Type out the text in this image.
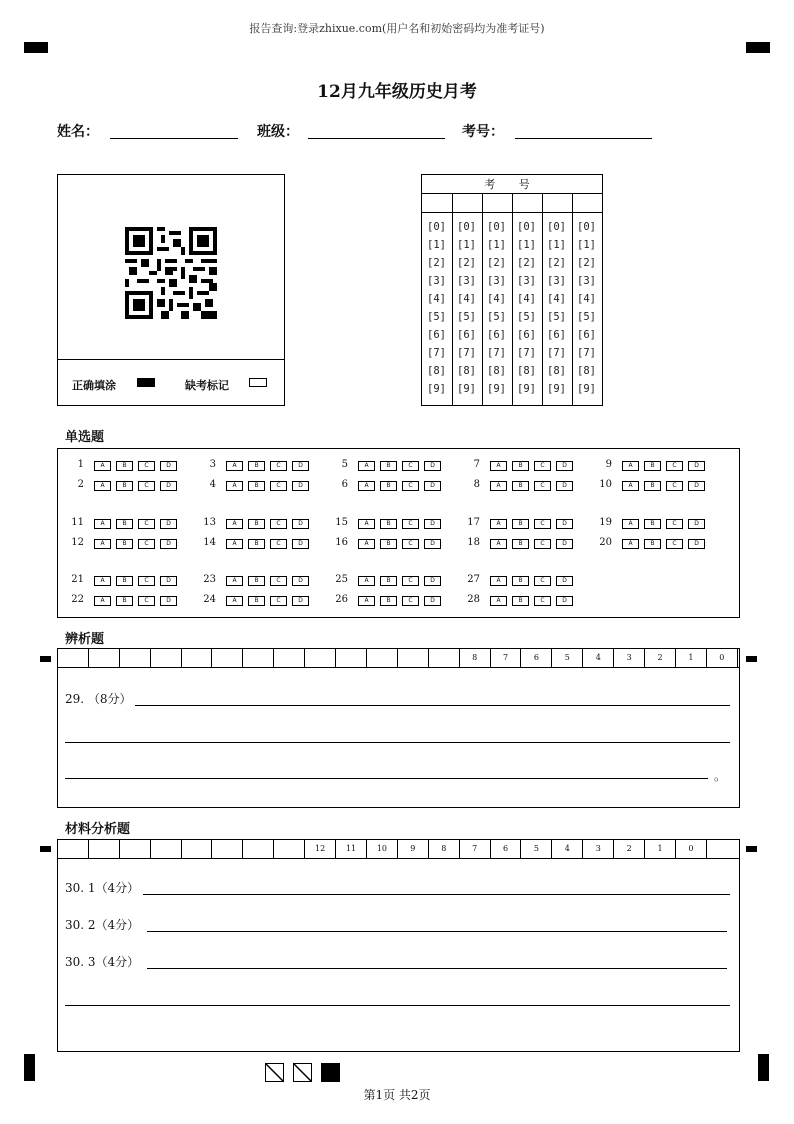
报告查询:登录zhixue.com(用户名和初始密码均为准考证号)
12月九年级历史月考
姓名：	班级：	考号：
正确填涂	缺考标记
考 号
[0] [0] [0] [0] [0] [0]
[1] [1] [1] [1] [1] [1]
[2] [2] [2] [2] [2] [2]
[3] [3] [3] [3] [3] [3]
[4] [4] [4] [4] [4] [4]
[5] [5] [5] [5] [5] [5]
[6] [6] [6] [6] [6] [6]
[7] [7] [7] [7] [7] [7]
[8] [8] [8] [8] [8] [8]
[9] [9] [9] [9] [9] [9]
单选题
1	A	B	C	D	3	A	B	C	D	5	A	B	C	D	7	A	B	C	D	9	A	B	C	D
2	A	B	C	D	4	A	B	C	D	6	A	B	C	D	8	A	B	C	D	10	A	B	C	D
11	A	B	C	D	13	A	B	C	D	15	A	B	C	D	17	A	B	C	D	19	A	B	C	D
12	A	B	C	D	14	A	B	C	D	16	A	B	C	D	18	A	B	C	D	20	A	B	C	D
21	A	B	C	D	23	A	B	C	D	25	A	B	C	D	27	A	B	C	D
22	A	B	C	D	24	A	B	C	D	26	A	B	C	D	28	A	B	C	D
辨析题
8	7	6	5	4	3	2	1	0
29. （8分）
。
材料分析题
12	11	10	9	8	7	6	5	4	3	2	1	0
30. 1（4分）
30. 2（4分）
30. 3（4分）
第1页 共2页
